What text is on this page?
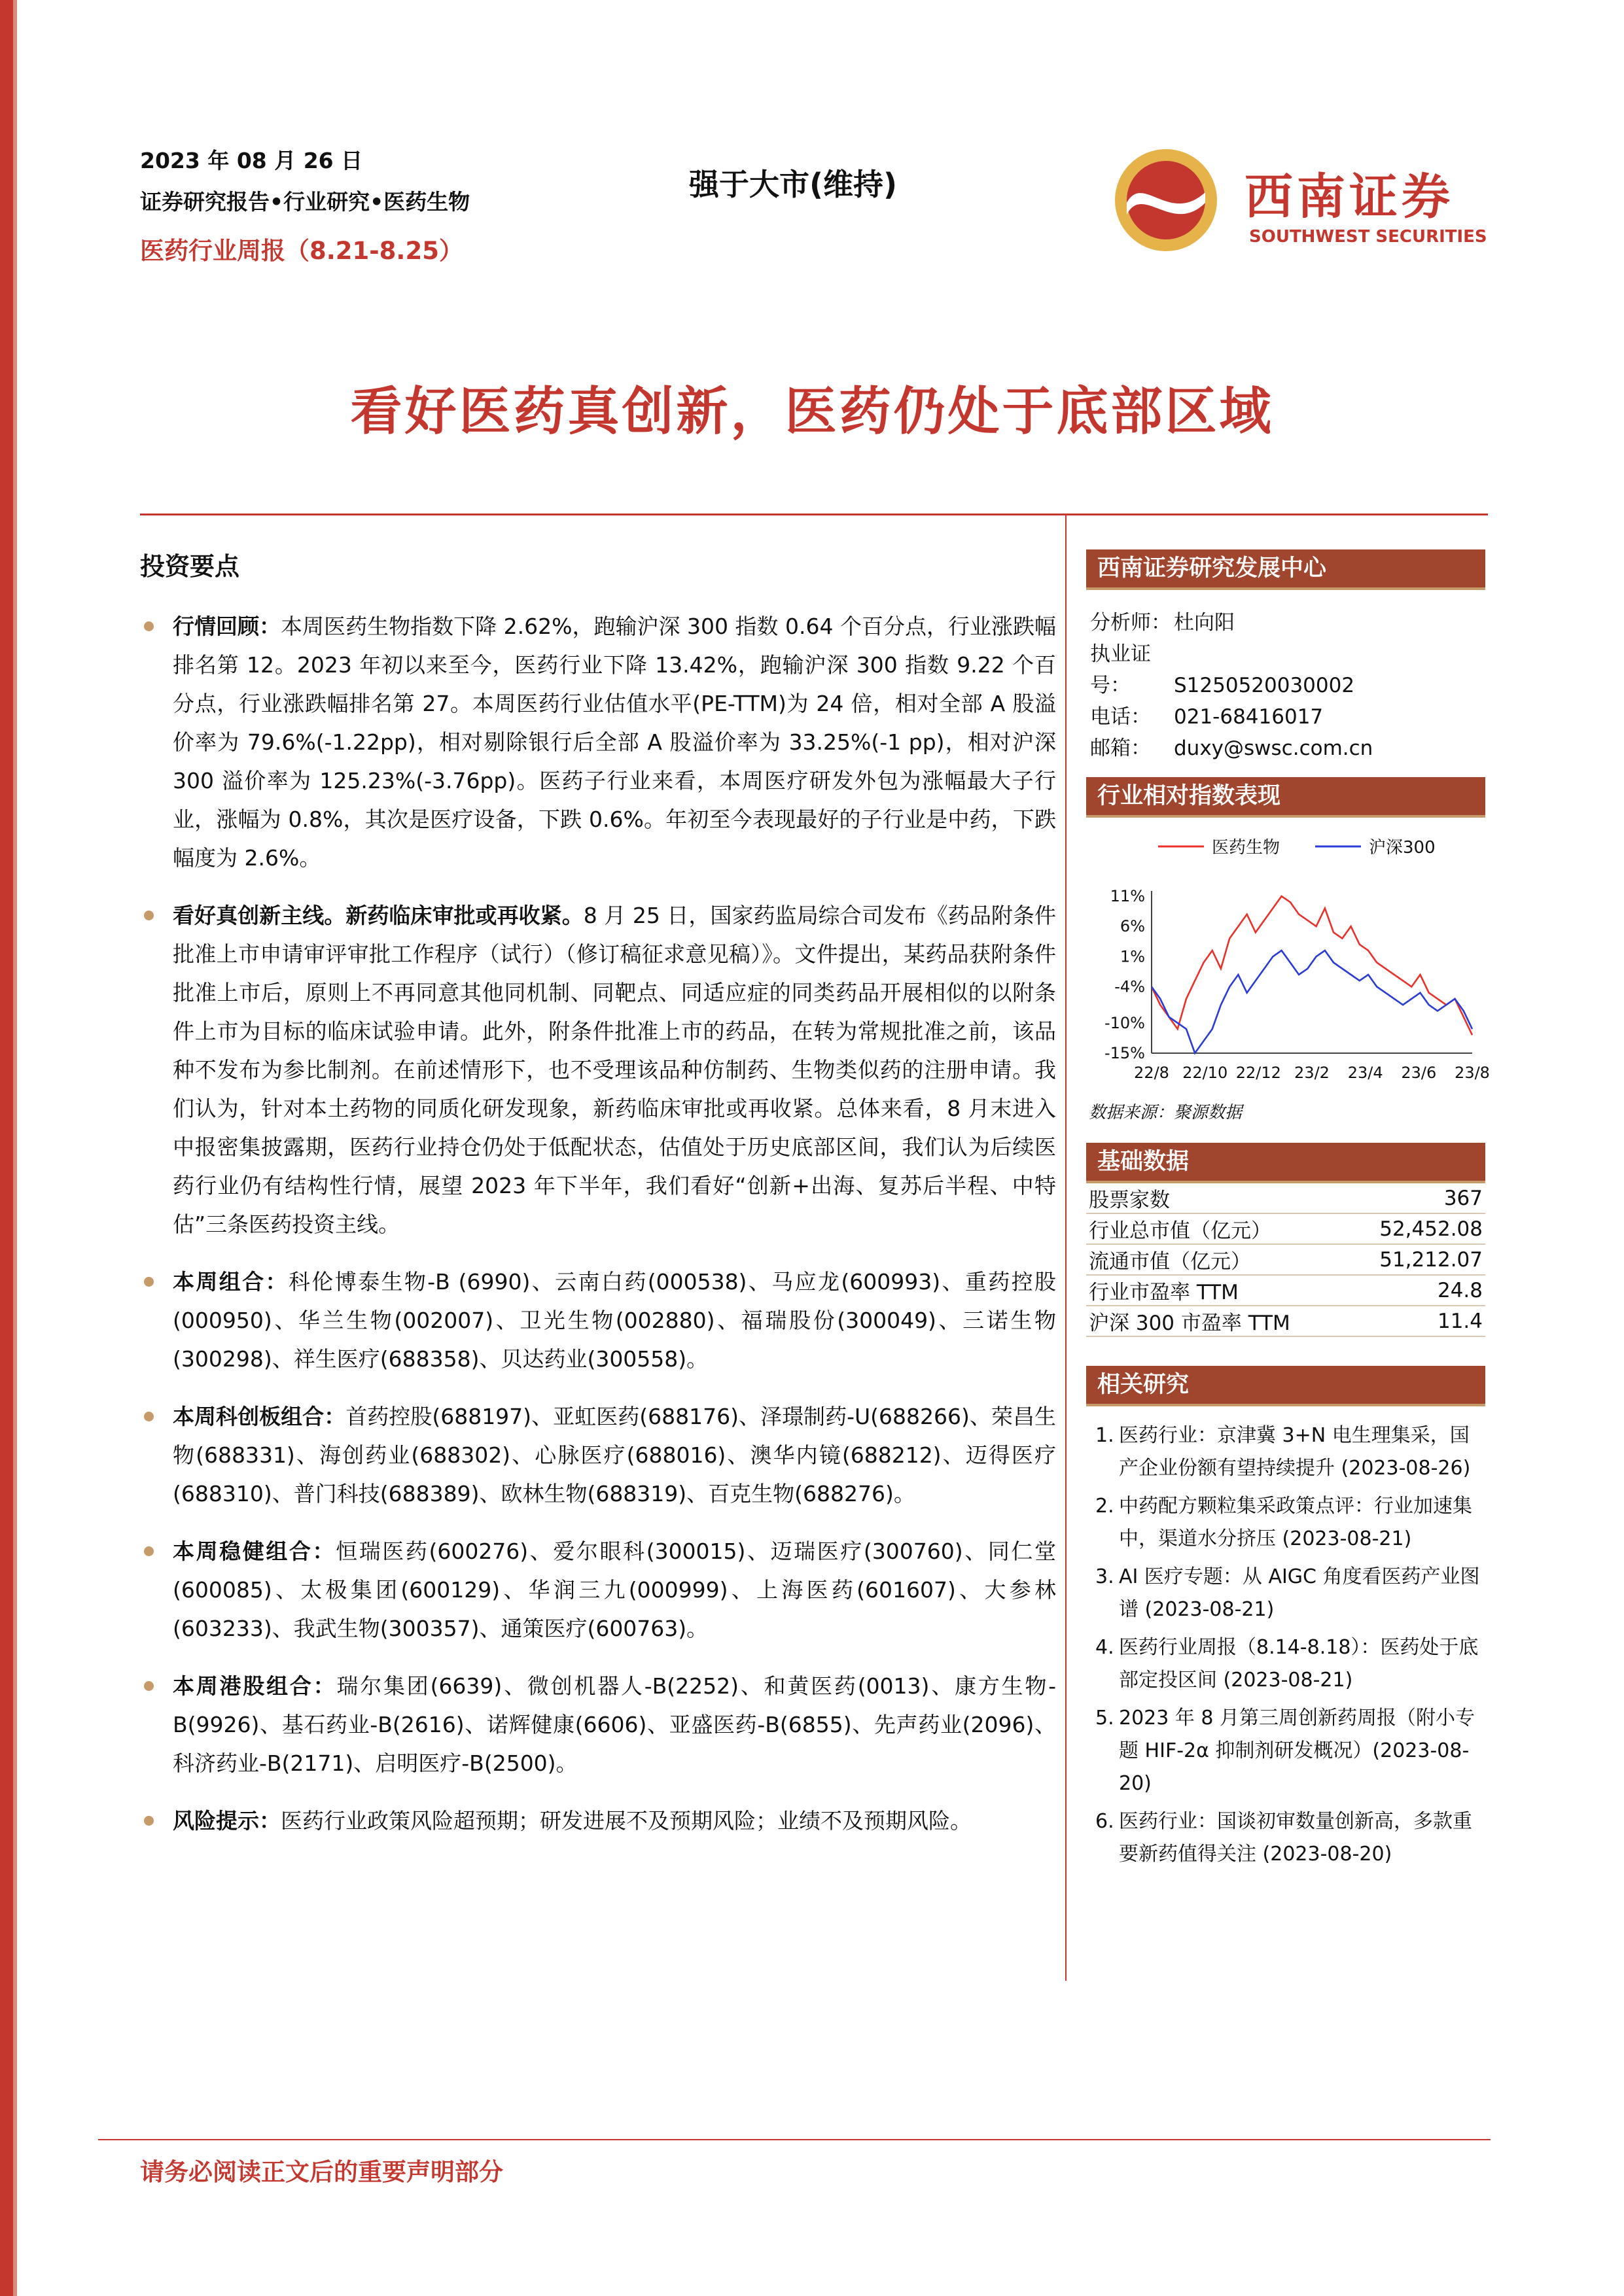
2023 年 08 月 26 日
证券研究报告•行业研究•医药生物
医药行业周报（8.21-8.25）
强于大市(维持)	西南证券
SOUTHWEST SECURITIES
看好医药真创新，医药仍处于底部区域
投资要点
行情回顾：本周医药生物指数下降 2.62%，跑输沪深 300 指数 0.64 个百分点，行业涨跌幅排名第 12。2023 年初以来至今，医药行业下降 13.42%，跑输沪深 300 指数 9.22 个百分点，行业涨跌幅排名第 27。本周医药行业估值水平(PE-TTM)为 24 倍，相对全部 A 股溢价率为 79.6%(-1.22pp)，相对剔除银行后全部 A 股溢价率为 33.25%(-1 pp)，相对沪深 300 溢价率为 125.23%(-3.76pp)。医药子行业来看，本周医疗研发外包为涨幅最大子行业，涨幅为 0.8%，其次是医疗设备，下跌 0.6%。年初至今表现最好的子行业是中药，下跌幅度为 2.6%。
看好真创新主线。新药临床审批或再收紧。8 月 25 日，国家药监局综合司发布《药品附条件批准上市申请审评审批工作程序（试行）（修订稿征求意见稿）》。文件提出，某药品获附条件批准上市后，原则上不再同意其他同机制、同靶点、同适应症的同类药品开展相似的以附条件上市为目标的临床试验申请。此外，附条件批准上市的药品，在转为常规批准之前，该品种不发布为参比制剂。在前述情形下，也不受理该品种仿制药、生物类似药的注册申请。我们认为，针对本土药物的同质化研发现象，新药临床审批或再收紧。总体来看，8 月末进入中报密集披露期，医药行业持仓仍处于低配状态，估值处于历史底部区间，我们认为后续医药行业仍有结构性行情，展望 2023 年下半年，我们看好“创新+出海、复苏后半程、中特估”三条医药投资主线。
本周组合：科伦博泰生物-B (6990)、云南白药(000538)、马应龙(600993)、重药控股(000950)、华兰生物(002007)、卫光生物(002880)、福瑞股份(300049)、三诺生物(300298)、祥生医疗(688358)、贝达药业(300558)。
本周科创板组合：首药控股(688197)、亚虹医药(688176)、泽璟制药-U(688266)、荣昌生物(688331)、海创药业(688302)、心脉医疗(688016)、澳华内镜(688212)、迈得医疗(688310)、普门科技(688389)、欧林生物(688319)、百克生物(688276)。
本周稳健组合：恒瑞医药(600276)、爱尔眼科(300015)、迈瑞医疗(300760)、同仁堂(600085)、太极集团(600129)、华润三九(000999)、上海医药(601607)、大参林(603233)、我武生物(300357)、通策医疗(600763)。
本周港股组合：瑞尔集团(6639)、微创机器人-B(2252)、和黄医药(0013)、康方生物-B(9926)、基石药业-B(2616)、诺辉健康(6606)、亚盛医药-B(6855)、先声药业(2096)、科济药业-B(2171)、启明医疗-B(2500)。
风险提示：医药行业政策风险超预期；研发进展不及预期风险；业绩不及预期风险。
西南证券研究发展中心
分析师： 杜向阳
执业证号： S1250520030002
电话： 021-68416017
邮箱： duxy@swsc.com.cn
行业相对指数表现
医药生物	沪深300
11%
6%
1%
-4%
-10%
-15%
22/8 22/10 22/12 23/2 23/4 23/6 23/8
数据来源：聚源数据
基础数据
股票家数	367
行业总市值（亿元）	52,452.08
流通市值（亿元）	51,212.07
行业市盈率 TTM	24.8
沪深 300 市盈率 TTM	11.4
相关研究
1. 医药行业：京津冀 3+N 电生理集采，国产企业份额有望持续提升 (2023-08-26)
2. 中药配方颗粒集采政策点评：行业加速集中，渠道水分挤压 (2023-08-21)
3. AI 医疗专题：从 AIGC 角度看医药产业图谱 (2023-08-21)
4. 医药行业周报（8.14-8.18）：医药处于底部定投区间 (2023-08-21)
5. 2023 年 8 月第三周创新药周报（附小专题 HIF-2α 抑制剂研发概况）(2023-08-20)
6. 医药行业：国谈初审数量创新高，多款重要新药值得关注 (2023-08-20)
请务必阅读正文后的重要声明部分
